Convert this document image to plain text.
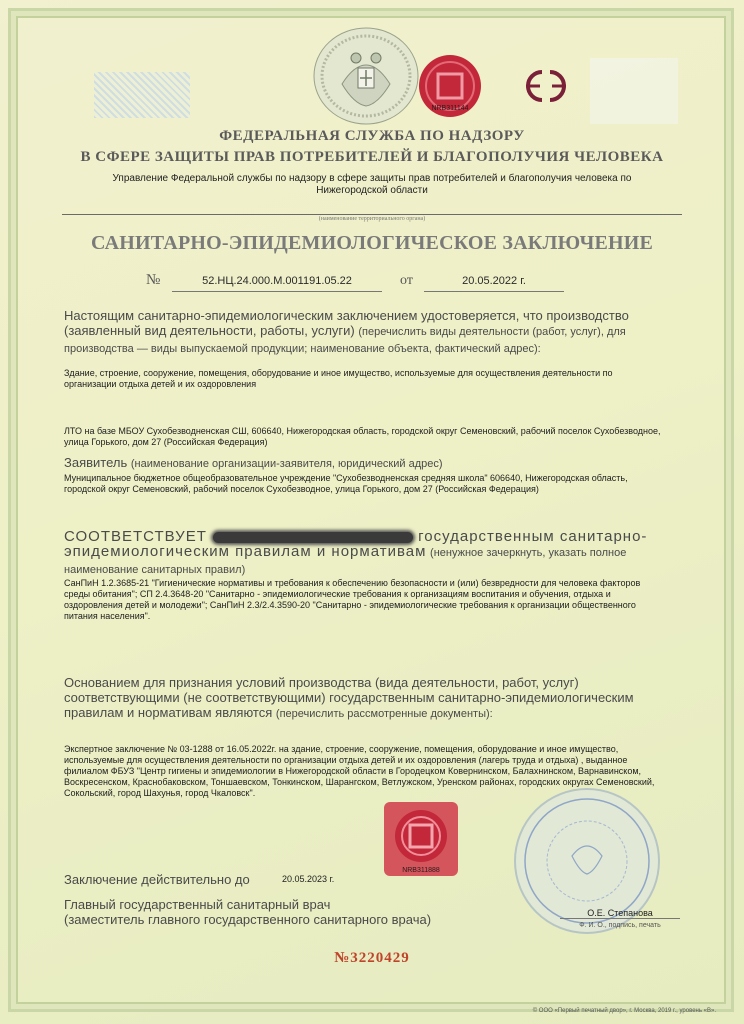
NRB311144
ФЕДЕРАЛЬНАЯ СЛУЖБА ПО НАДЗОРУ
В СФЕРЕ ЗАЩИТЫ ПРАВ ПОТРЕБИТЕЛЕЙ И БЛАГОПОЛУЧИЯ ЧЕЛОВЕКА
Управление Федеральной службы по надзору в сфере защиты прав потребителей и благополучия человека по Нижегородской области
(наименование территориального органа)
САНИТАРНО-ЭПИДЕМИОЛОГИЧЕСКОЕ ЗАКЛЮЧЕНИЕ
№	52.НЦ.24.000.М.001191.05.22	от	20.05.2022 г.
Настоящим санитарно-эпидемиологическим заключением удостоверяется, что производство (заявленный вид деятельности, работы, услуги) (перечислить виды деятельности (работ, услуг), для производства — виды выпускаемой продукции; наименование объекта, фактический адрес):
Здание, строение, сооружение, помещения, оборудование и иное имущество, используемые для осуществления деятельности по организации отдыха детей и их оздоровления
ЛТО на базе МБОУ Сухобезводненская СШ, 606640, Нижегородская область, городской округ Семеновский, рабочий поселок Сухобезводное, улица Горького, дом 27 (Российская Федерация)
Заявитель (наименование организации-заявителя, юридический адрес)
Муниципальное бюджетное общеобразовательное учреждение "Сухобезводненская средняя школа" 606640, Нижегородская область, городской округ Семеновский, рабочий поселок Сухобезводное, улица Горького, дом 27 (Российская Федерация)
СООТВЕТСТВУЕТ	государственным санитарно-эпидемиологическим правилам и нормативам (ненужное зачеркнуть, указать полное наименование санитарных правил)
СанПиН 1.2.3685-21 "Гигиенические нормативы и требования к обеспечению безопасности и (или) безвредности для человека факторов среды обитания"; СП 2.4.3648-20 "Санитарно - эпидемиологические требования к организациям воспитания и обучения, отдыха и оздоровления детей и молодежи"; СанПиН 2.3/2.4.3590-20 "Санитарно - эпидемиологические требования к организации общественного питания населения".
Основанием для признания условий производства (вида деятельности, работ, услуг) соответствующими (не соответствующими) государственным санитарно-эпидемиологическим правилам и нормативам являются (перечислить рассмотренные документы):
Экспертное заключение № 03-1288 от 16.05.2022г. на здание, строение, сооружение, помещения, оборудование и иное имущество, используемые для осуществления деятельности по организации отдыха детей и их оздоровления (лагерь труда и отдыха) , выданное филиалом ФБУЗ "Центр гигиены и эпидемиологии в Нижегородской области в Городецком Ковернинском, Балахнинском, Варнавинском, Воскресенском, Краснобаковском, Тоншаевском, Тонкинском, Шарангском, Ветлужском, Уренском районах, городских округах Семеновский, Сокольский, город Шахунья, город Чкаловск".
NRB311888
Заключение действительно до	20.05.2023 г.
Главный государственный санитарный врач
(заместитель главного государственного санитарного врача)	О.Е. Степанова
Ф. И. О., подпись, печать
№3220429
© ООО «Первый печатный двор», г. Москва, 2019 г., уровень «В».
